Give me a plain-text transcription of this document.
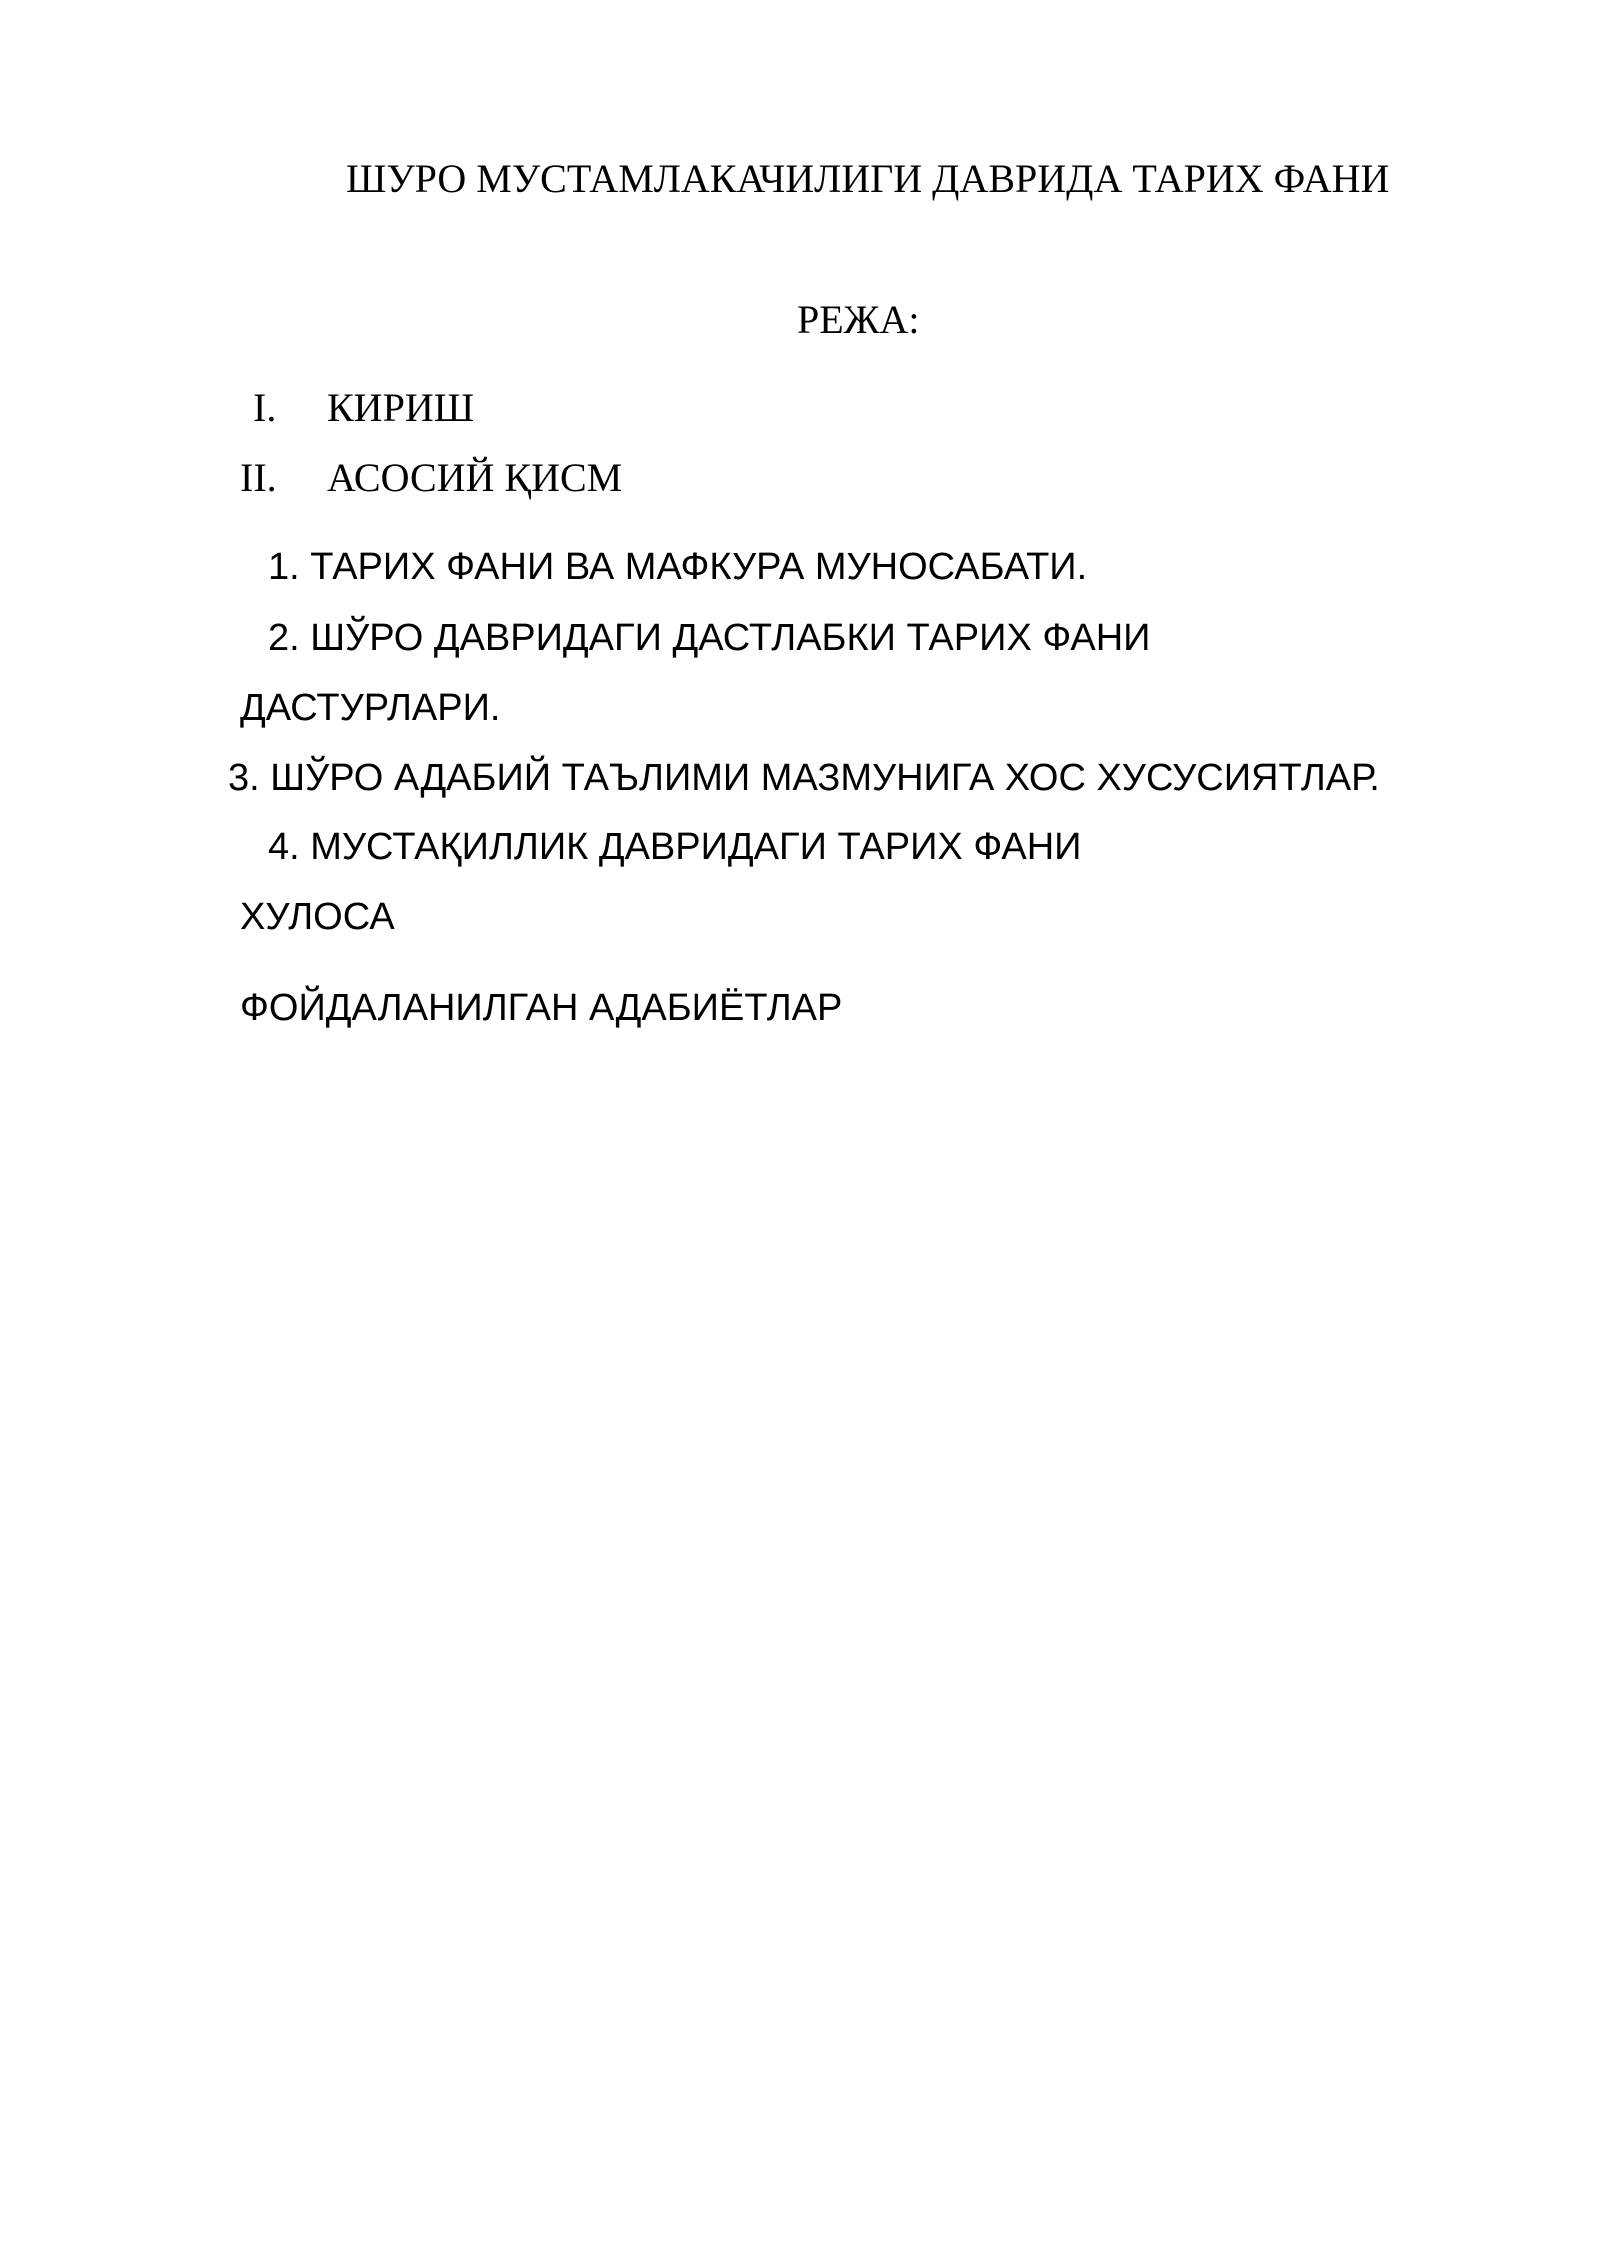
ШУРО МУСТАМЛАКАЧИЛИГИ ДАВРИДА ТАРИХ ФАНИ
РЕЖА:
I. КИРИШ
II. АСОСИЙ ҚИСМ
1. ТАРИХ ФАНИ ВА МАФКУРА МУНОСАБАТИ.
2. ШЎРО ДАВРИДАГИ ДАСТЛАБКИ ТАРИХ ФАНИ
ДАСТУРЛАРИ.
3. ШЎРО АДАБИЙ ТАЪЛИМИ МАЗМУНИГА ХОС ХУСУСИЯТЛАР.
4. МУСТАҚИЛЛИК ДАВРИДАГИ ТАРИХ ФАНИ
ХУЛОСА
ФОЙДАЛАНИЛГАН АДАБИЁТЛАР
